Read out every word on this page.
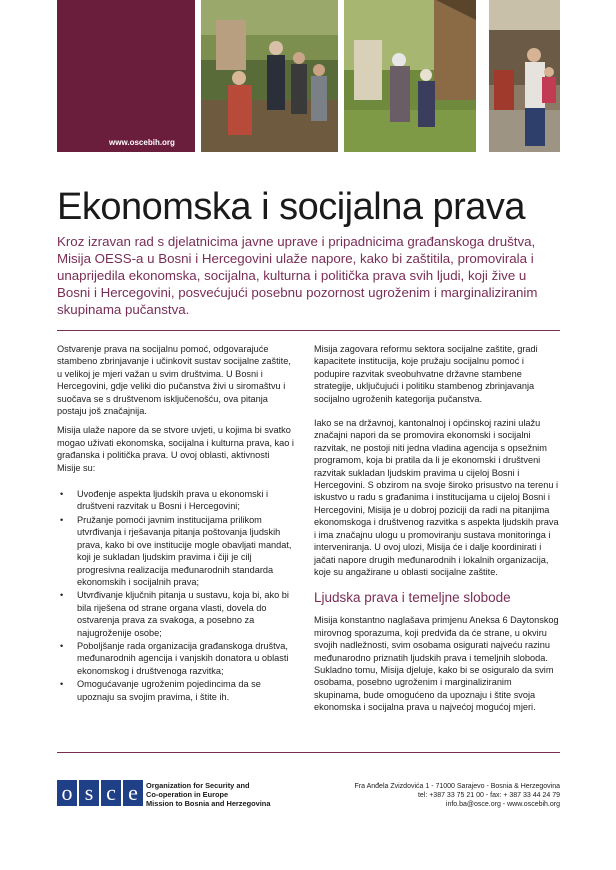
www.oscebih.org
Ekonomska i socijalna prava

Kroz izravan rad s djelatnicima javne uprave i pripadnicima građanskoga društva, Misija OESS-a u Bosni i Hercegovini ulaže napore, kako bi zaštitila, promovirala i unaprijedila ekonomska, socijalna, kulturna i politička prava svih ljudi, koji žive u Bosni i Hercegovini, posvećujući posebnu pozornost ugroženim i marginaliziranim skupinama pučanstva.

Ostvarenje prava na socijalnu pomoć, odgovarajuće stambeno zbrinjavanje i učinkovit sustav socijalne zaštite, u velikoj je mjeri važan u svim društvima. U Bosni i Hercegovini, gdje veliki dio pučanstva živi u siromaštvu i suočava se s društvenom isključenošću, ova pitanja postaju još značajnija.

Misija ulaže napore da se stvore uvjeti, u kojima bi svatko mogao uživati ekonomska, socijalna i kulturna prava, kao i građanska i politička prava. U ovoj oblasti, aktivnosti Misije su:

• Uvođenje aspekta ljudskih prava u ekonomski i društveni razvitak u Bosni i Hercegovini;
• Pružanje pomoći javnim institucijama prilikom utvrđivanja i rješavanja pitanja poštovanja ljudskih prava, kako bi ove institucije mogle obavljati mandat, koji je sukladan ljudskim pravima i čiji je cilj progresivna realizacija međunarodnih standarda ekonomskih i socijalnih prava;
• Utvrđivanje ključnih pitanja u sustavu, koja bi, ako bi bila riješena od strane organa vlasti, dovela do ostvarenja prava za svakoga, a posebno za najugroženije osobe;
• Poboljšanje rada organizacija građanskoga društva, međunarodnih agencija i vanjskih donatora u oblasti ekonomskog i društvenoga razvitka;
• Omogućavanje ugroženim pojedincima da se upoznaju sa svojim pravima, i štite ih.

Misija zagovara reformu sektora socijalne zaštite, gradi kapacitete institucija, koje pružaju socijalnu pomoć i podupire razvitak sveobuhvatne državne stambene strategije, uključujući i politiku stambenog zbrinjavanja socijalno ugroženih kategorija pučanstva.

Iako se na državnoj, kantonalnoj i općinskoj razini ulažu značajni napori da se promovira ekonomski i socijalni razvitak, ne postoji niti jedna vladina agencija s opsežnim programom, koja bi pratila da li je ekonomski i društveni razvitak sukladan ljudskim pravima u cijeloj Bosni i Hercegovini. S obzirom na svoje široko prisustvo na terenu i iskustvo u radu s građanima i institucijama u cijeloj Bosni i Hercegovini, Misija je u dobroj poziciji da radi na pitanjima ekonomskoga i društvenog razvitka s aspekta ljudskih prava i ima značajnu ulogu u promoviranju sustava monitoringa i interveniranja. U ovoj ulozi, Misija će i dalje koordinirati i jačati napore drugih međunarodnih i lokalnih organizacija, koje su angažirane u oblasti socijalne zaštite.

Ljudska prava i temeljne slobode

Misija konstantno naglašava primjenu Aneksa 6 Daytonskog mirovnog sporazuma, koji predviđa da će strane, u okviru svojih nadležnosti, svim osobama osigurati najveću razinu međunarodno priznatih ljudskih prava i temeljnih sloboda. Sukladno tomu, Misija djeluje, kako bi se osiguralo da svim osobama, posebno ugroženim i marginaliziranim skupinama, bude omogućeno da upoznaju i štite svoja ekonomska i socijalna prava u najvećoj mogućoj mjeri.

o s c e	Organization for Security and
Co-operation in Europe
Mission to Bosnia and Herzegovina
Fra Anđela Zvizdovića 1 - 71000 Sarajevo - Bosnia & Herzegovina
tel: +387 33 75 21 00 - fax: + 387 33 44 24 79
info.ba@osce.org - www.oscebih.org
